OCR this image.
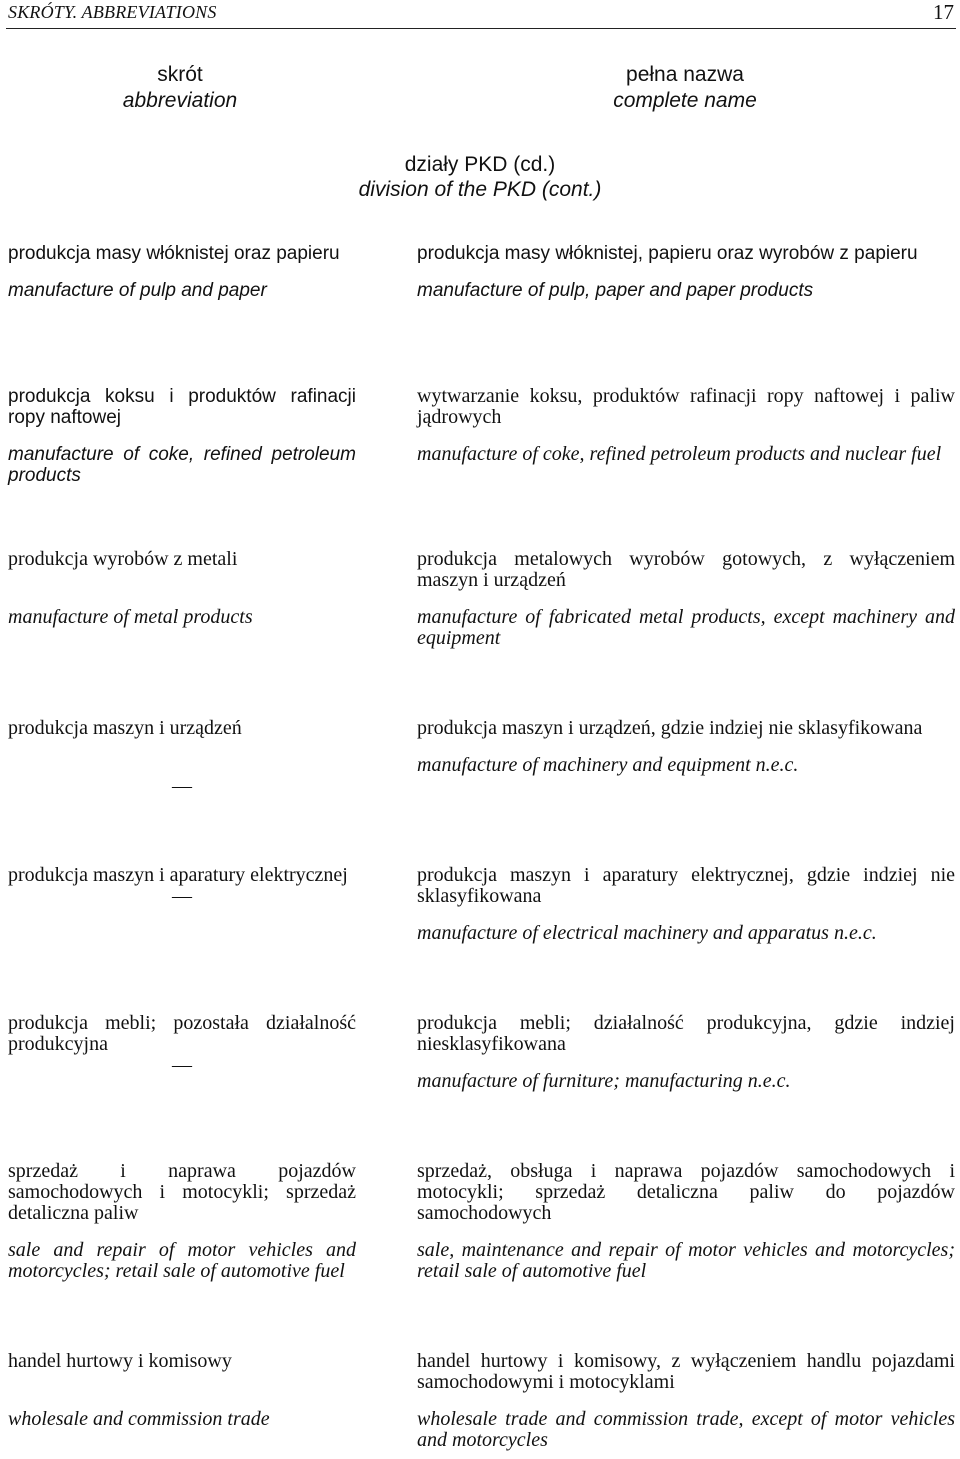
SKRÓTY. ABBREVIATIONS	17
skrót
abbreviation
pełna nazwa
complete name
działy PKD (cd.)
division of the PKD (cont.)

produkcja masy włóknistej oraz papieru

manufacture of pulp and paper

produkcja masy włóknistej, papieru oraz wyrobów z papieru

manufacture of pulp, paper and paper products

produkcja koksu i produktów rafinacji ropy naftowej

manufacture of coke, refined petroleum products

wytwarzanie koksu, produktów rafinacji ropy naftowej i paliw jądrowych

manufacture of coke, refined petroleum products and nuclear fuel

produkcja wyrobów z metali

manufacture of metal products

produkcja metalowych wyrobów gotowych, z wyłączeniem maszyn i urządzeń

manufacture of fabricated metal products, except machinery and equipment

produkcja maszyn i urządzeń

—

produkcja maszyn i urządzeń, gdzie indziej nie sklasyfikowana

manufacture of machinery and equipment n.e.c.

produkcja maszyn i aparatury elektrycznej

—

produkcja maszyn i aparatury elektrycznej, gdzie indziej nie sklasyfikowana

manufacture of electrical machinery and apparatus n.e.c.

produkcja mebli; pozostała działalność produkcyjna

—

produkcja mebli; działalność produkcyjna, gdzie indziej niesklasyfikowana

manufacture of furniture; manufacturing n.e.c.

sprzedaż i naprawa pojazdów samochodowych i motocykli; sprzedaż detaliczna paliw

sale and repair of motor vehicles and motorcycles; retail sale of automotive fuel

sprzedaż, obsługa i naprawa pojazdów samochodowych i motocykli; sprzedaż detaliczna paliw do pojazdów samochodowych

sale, maintenance and repair of motor vehicles and motorcycles; retail sale of automotive fuel

handel hurtowy i komisowy

wholesale and commission trade

handel hurtowy i komisowy, z wyłączeniem handlu pojazdami samochodowymi i motocyklami

wholesale trade and commission trade, except of motor vehicles and motorcycles
